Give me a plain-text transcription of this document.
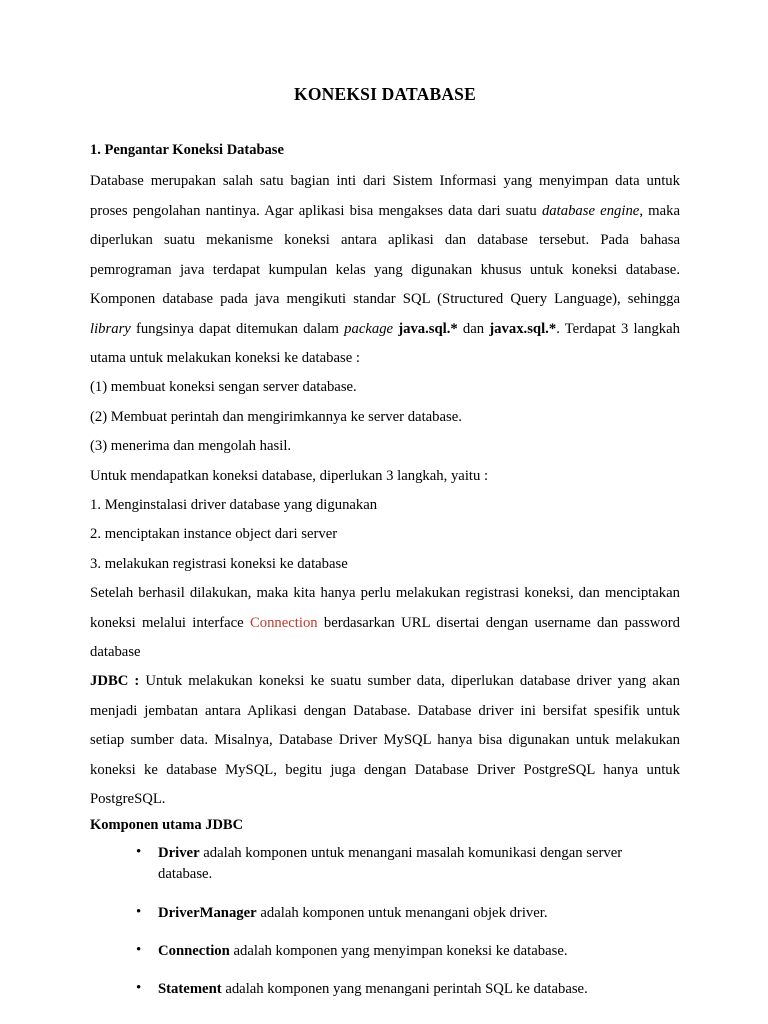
KONEKSI DATABASE

1. Pengantar Koneksi Database

Database merupakan salah satu bagian inti dari Sistem Informasi yang menyimpan data untuk proses pengolahan nantinya. Agar aplikasi bisa mengakses data dari suatu database engine, maka diperlukan suatu mekanisme koneksi antara aplikasi dan database tersebut. Pada bahasa pemrograman java terdapat kumpulan kelas yang digunakan khusus untuk koneksi database. Komponen database pada java mengikuti standar SQL (Structured Query Language), sehingga library fungsinya dapat ditemukan dalam package java.sql.* dan javax.sql.*. Terdapat 3 langkah utama untuk melakukan koneksi ke database :

(1) membuat koneksi sengan server database.

(2) Membuat perintah dan mengirimkannya ke server database.

(3) menerima dan mengolah hasil.

Untuk mendapatkan koneksi database, diperlukan 3 langkah, yaitu :

1. Menginstalasi driver database yang digunakan

2. menciptakan instance object dari server

3. melakukan registrasi koneksi ke database

Setelah berhasil dilakukan, maka kita hanya perlu melakukan registrasi koneksi, dan menciptakan koneksi melalui interface Connection berdasarkan URL disertai dengan username dan password database

JDBC : Untuk melakukan koneksi ke suatu sumber data, diperlukan database driver yang akan menjadi jembatan antara Aplikasi dengan Database. Database driver ini bersifat spesifik untuk setiap sumber data. Misalnya, Database Driver MySQL hanya bisa digunakan untuk melakukan koneksi ke database MySQL, begitu juga dengan Database Driver PostgreSQL hanya untuk PostgreSQL.

Komponen utama JDBC

• Driver adalah komponen untuk menangani masalah komunikasi dengan server database.
• DriverManager adalah komponen untuk menangani objek driver.
• Connection adalah komponen yang menyimpan koneksi ke database.
• Statement adalah komponen yang menangani perintah SQL ke database.
